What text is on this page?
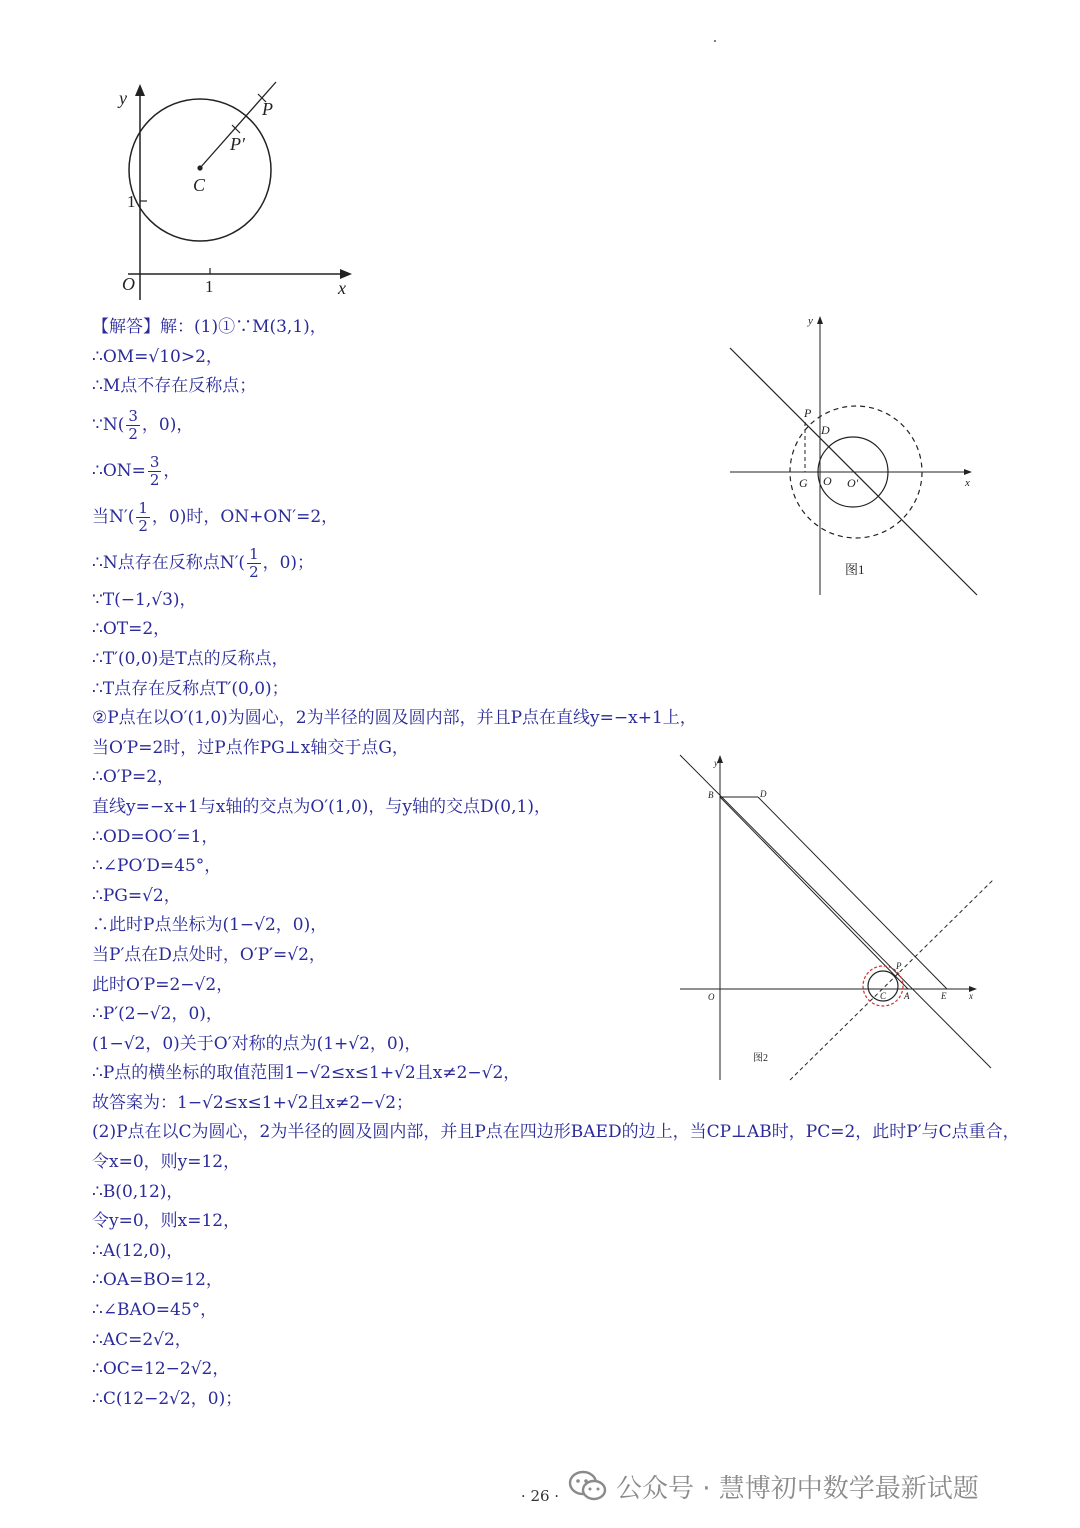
y
x
O	1
1
P
P′
C
y
x
P
D
G O O′
图1
y
x
B	D
O	C A	E
P
图2
【解答】解：(1)①∵M(3,1)，
∴OM=√10>2，
∴M点不存在反称点；
∵N( $\frac{3}{2}$ ，0)，
∴ON= $\frac{3}{2}$ ，
当$N'( \frac{1}{2}$ ，0)时，ON+ON′=2，
∴N点存在反称点$N'( \frac{1}{2}$ ，0)；
∵T(−1,√3)，
∴OT=2，
∴T′(0,0)是T点的反称点，
∴T点存在反称点T′(0,0)；
②P点在以O′(1,0)为圆心，2为半径的圆及圆内部，并且P点在直线y=−x+1上，
当O′P=2时，过P点作PG⊥x轴交于点G，
∴O′P=2，
直线y=−x+1与x轴的交点为O′(1,0)，与y轴的交点D(0,1)，
∴OD=OO′=1，
∴∠PO′D=45°，
∴PG=√2，
∴此时P点坐标为(1−√2，0)，
当P′点在D点处时，O′P′=√2，
此时O′P=2−√2，
∴P′(2−√2，0)，
(1−√2，0)关于O′对称的点为(1+√2，0)，
∴P点的横坐标的取值范围1−√2≤x≤1+√2且x≠2−√2，
故答案为：1−√2≤x≤1+√2且x≠2−√2；
(2)P点在以C为圆心，2为半径的圆及圆内部，并且P点在四边形BAED的边上，当CP⊥AB时，PC=2，此时P′与C点重合，
令x=0，则y=12，
∴B(0,12)，
令y=0，则x=12，
∴A(12,0)，
∴OA=BO=12，
∴∠BAO=45°，
∴AC=2√2，
∴OC=12−2√2，
∴C(12−2√2，0)；
公众号 · 慧博初中数学最新试题
· 26 ·
